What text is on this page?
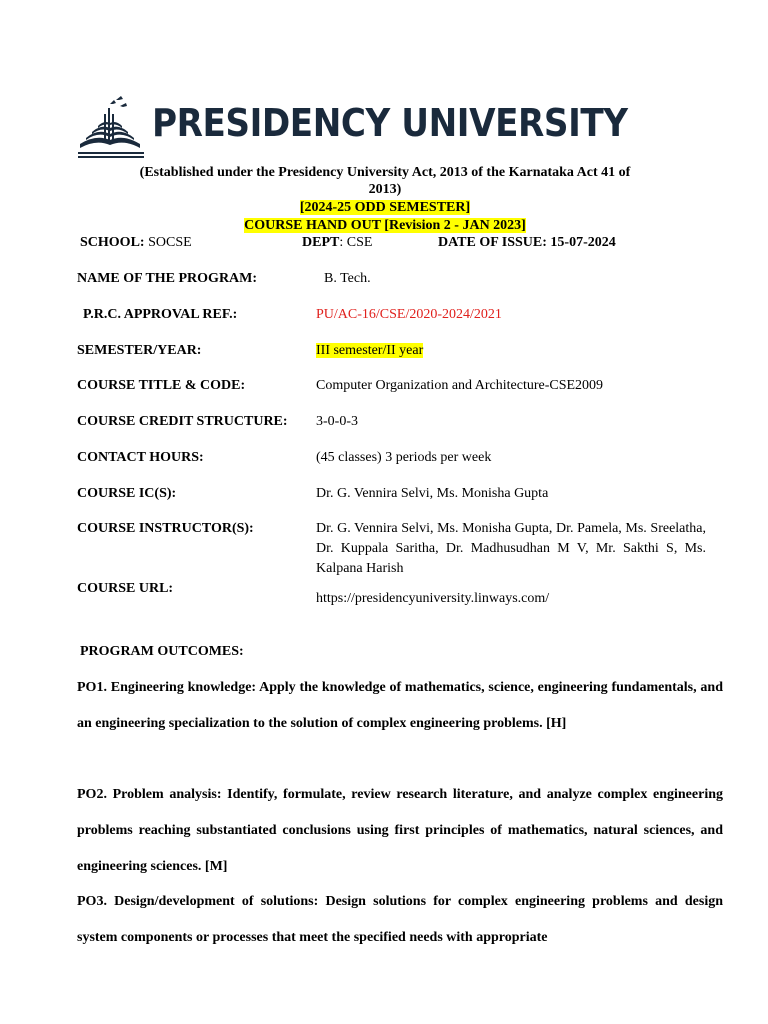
PRESIDENCY UNIVERSITY
(Established under the Presidency University Act, 2013 of the Karnataka Act 41 of
2013)
[2024-25 ODD SEMESTER]
COURSE HAND OUT [Revision 2 - JAN 2023]
SCHOOL: SOCSE	DEPT: CSE	DATE OF ISSUE: 15-07-2024
NAME OF THE PROGRAM:	B. Tech.
P.R.C. APPROVAL REF.:	PU/AC-16/CSE/2020-2024/2021
SEMESTER/YEAR:	III semester/II year
COURSE TITLE & CODE:	Computer Organization and Architecture-CSE2009
COURSE CREDIT STRUCTURE: 3-0-0-3
CONTACT HOURS:	(45 classes) 3 periods per week
COURSE IC(S):	Dr. G. Vennira Selvi, Ms. Monisha Gupta
COURSE INSTRUCTOR(S):	Dr. G. Vennira Selvi, Ms. Monisha Gupta, Dr. Pamela, Ms. Sreelatha, Dr. Kuppala Saritha, Dr. Madhusudhan M V, Mr. Sakthi S, Ms. Kalpana Harish
COURSE URL:
https://presidencyuniversity.linways.com/
PROGRAM OUTCOMES:
PO1. Engineering knowledge: Apply the knowledge of mathematics, science, engineering fundamentals, and an engineering specialization to the solution of complex engineering problems. [H]
PO2. Problem analysis: Identify, formulate, review research literature, and analyze complex engineering problems reaching substantiated conclusions using first principles of mathematics, natural sciences, and engineering sciences. [M]
PO3. Design/development of solutions: Design solutions for complex engineering problems and design system components or processes that meet the specified needs with appropriate
